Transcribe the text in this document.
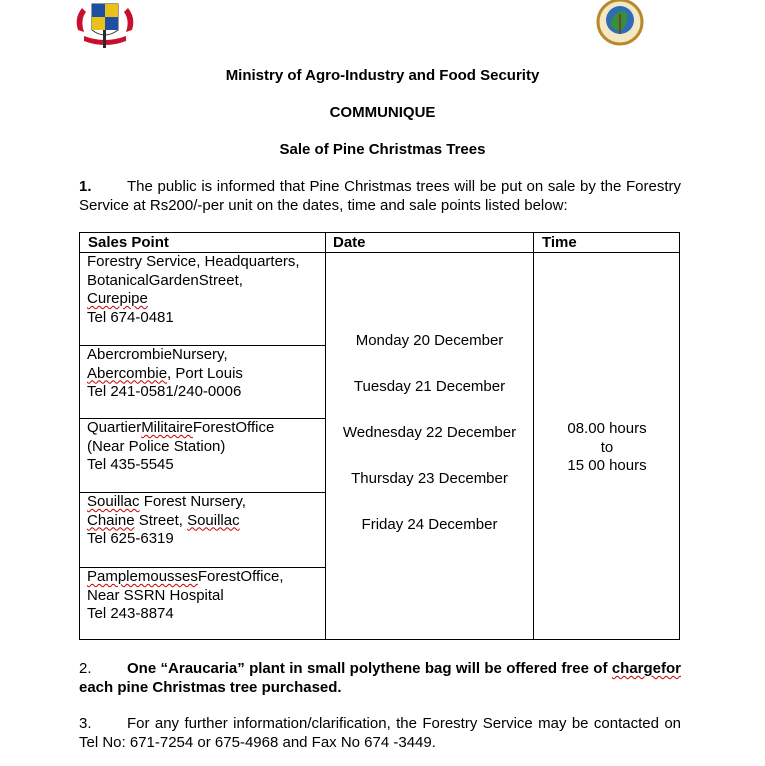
Ministry of Agro-Industry and Food Security
COMMUNIQUE
Sale of Pine Christmas Trees
1. The public is informed that Pine Christmas trees will be put on sale by the Forestry Service at Rs200/-per unit on the dates, time and sale points listed below:
Sales Point	Date	Time
Forestry Service, Headquarters,
BotanicalGardenStreet,
Curepipe
Tel 674-0481
AbercrombieNursery,
Abercombie, Port Louis
Tel 241-0581/240-0006
QuartierMilitaireForestOffice
(Near Police Station)
Tel 435-5545
Souillac Forest Nursery,
Chaine Street, Souillac
Tel 625-6319
PamplemoussesForestOffice,
Near SSRN Hospital
Tel 243-8874
Monday 20 December
Tuesday 21 December
Wednesday 22 December
Thursday 23 December
Friday 24 December
08.00 hours
to
15 00 hours
2. One “Araucaria” plant in small polythene bag will be offered free of chargefor each pine Christmas tree purchased.
3. For any further information/clarification, the Forestry Service may be contacted on Tel No: 671-7254 or 675-4968 and Fax No 674 -3449.
